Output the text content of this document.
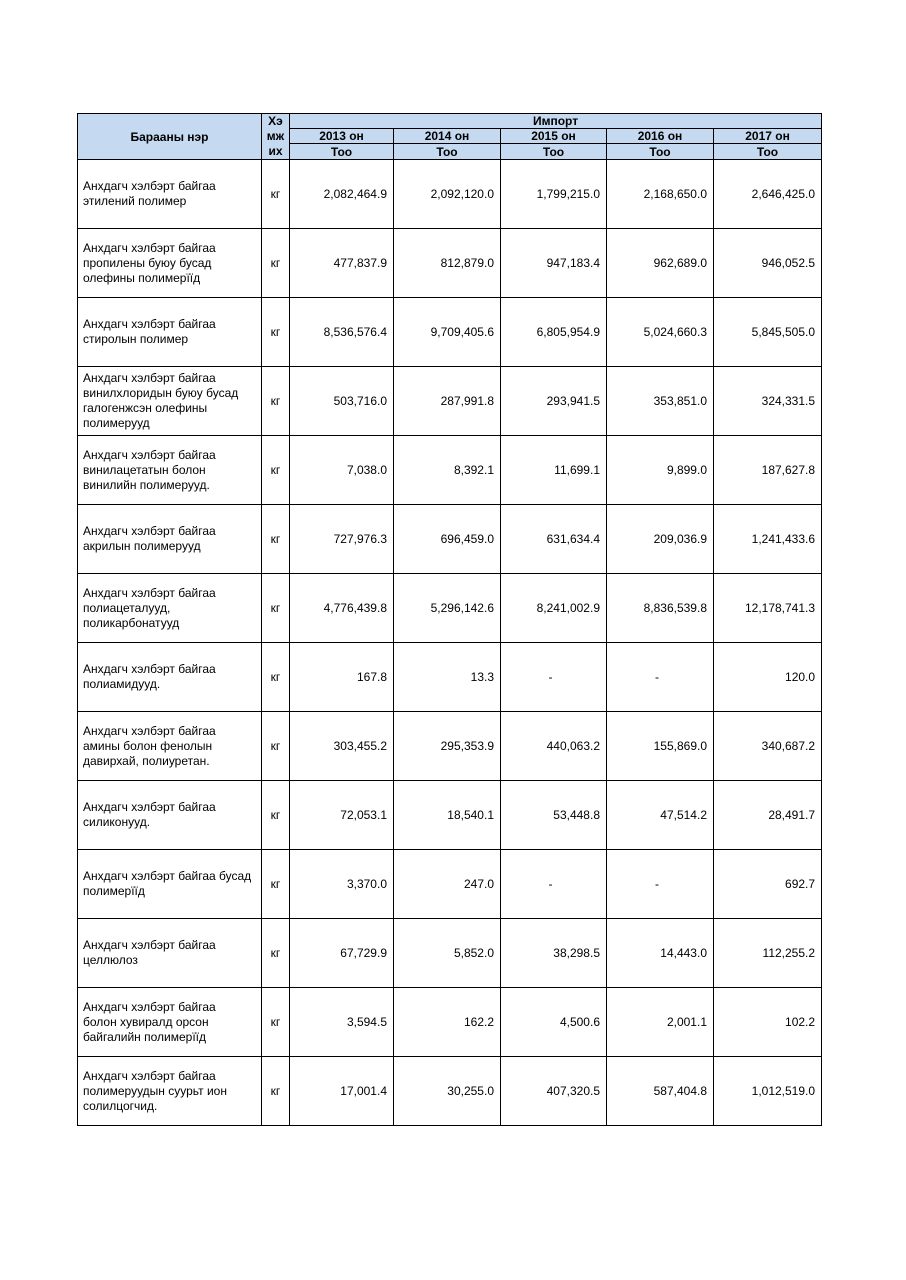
Барааны нэр	Хэ
мж
их	Импорт				
		2013 он	2014 он	2015 он	2016 он	2017 он
		Тоо	Тоо	Тоо	Тоо	Тоо

Анхдагч хэлбэрт байгаа
этилений полимер	кг	2,082,464.9	2,092,120.0	1,799,215.0	2,168,650.0	2,646,425.0

Анхдагч хэлбэрт байгаа
пропилены буюу бусад
олефины полимерїїд	кг	477,837.9	812,879.0	947,183.4	962,689.0	946,052.5

Анхдагч хэлбэрт байгаа
стиролын полимер	кг	8,536,576.4	9,709,405.6	6,805,954.9	5,024,660.3	5,845,505.0

Анхдагч хэлбэрт байгаа
винилхлоридын буюу бусад
галогенжсэн олефины
полимерууд	кг	503,716.0	287,991.8	293,941.5	353,851.0	324,331.5

Анхдагч хэлбэрт байгаа
винилацетатын болон
винилийн полимерууд.	кг	7,038.0	8,392.1	11,699.1	9,899.0	187,627.8

Анхдагч хэлбэрт байгаа
акрилын полимерууд	кг	727,976.3	696,459.0	631,634.4	209,036.9	1,241,433.6

Анхдагч хэлбэрт байгаа
полиацеталууд,
поликарбонатууд	кг	4,776,439.8	5,296,142.6	8,241,002.9	8,836,539.8	12,178,741.3

Анхдагч хэлбэрт байгаа
полиамидууд.	кг	167.8	13.3	-	-	120.0

Анхдагч хэлбэрт байгаа
амины болон фенолын
давирхай, полиуретан.	кг	303,455.2	295,353.9	440,063.2	155,869.0	340,687.2

Анхдагч хэлбэрт байгаа
силиконууд.	кг	72,053.1	18,540.1	53,448.8	47,514.2	28,491.7

Анхдагч хэлбэрт байгаа бусад
полимерїїд	кг	3,370.0	247.0	-	-	692.7

Анхдагч хэлбэрт байгаа
целлюлоз	кг	67,729.9	5,852.0	38,298.5	14,443.0	112,255.2

Анхдагч хэлбэрт байгаа
болон хувиралд орсон
байгалийн полимерїїд	кг	3,594.5	162.2	4,500.6	2,001.1	102.2

Анхдагч хэлбэрт байгаа
полимеруудын суурьт ион
солилцогчид.	кг	17,001.4	30,255.0	407,320.5	587,404.8	1,012,519.0
